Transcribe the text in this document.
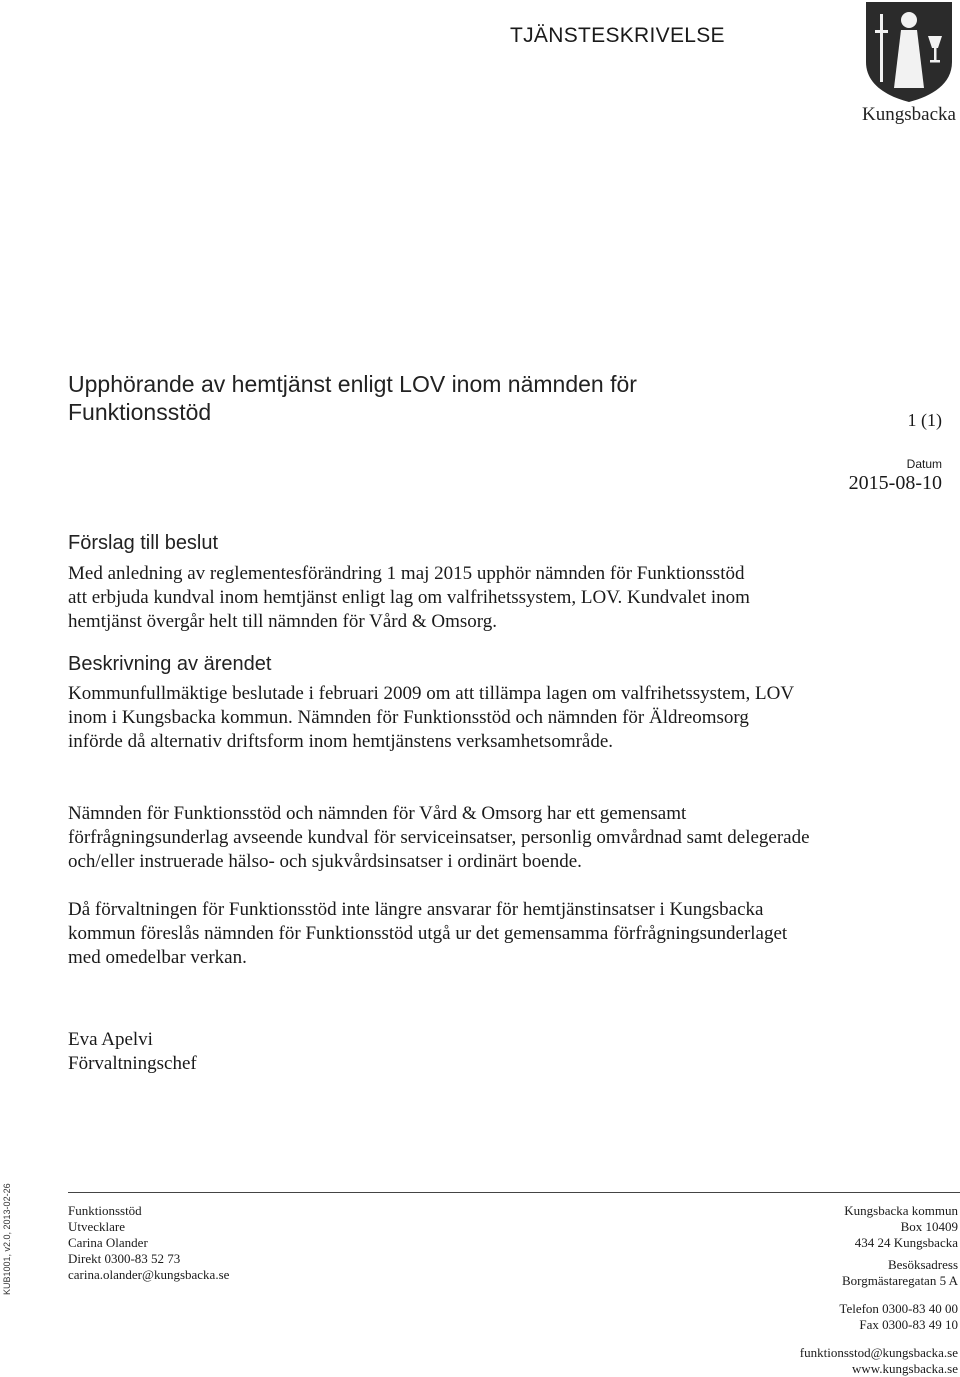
TJÄNSTESKRIVELSE
Kungsbacka
Upphörande av hemtjänst enligt LOV inom nämnden för
Funktionsstöd	1 (1)
Datum
2015-08-10
Förslag till beslut

Med anledning av reglementesförändring 1 maj 2015 upphör nämnden för Funktionsstöd att erbjuda kundval inom hemtjänst enligt lag om valfrihetssystem, LOV. Kundvalet inom hemtjänst övergår helt till nämnden för Vård & Omsorg.

Beskrivning av ärendet

Kommunfullmäktige beslutade i februari 2009 om att tillämpa lagen om valfrihetssystem, LOV inom i Kungsbacka kommun. Nämnden för Funktionsstöd och nämnden för Äldreomsorg införde då alternativ driftsform inom hemtjänstens verksamhetsområde.

Nämnden för Funktionsstöd och nämnden för Vård & Omsorg har ett gemensamt förfrågningsunderlag avseende kundval för serviceinsatser, personlig omvårdnad samt delegerade och/eller instruerade hälso- och sjukvårdsinsatser i ordinärt boende.

Då förvaltningen för Funktionsstöd inte längre ansvarar för hemtjänstinsatser i Kungsbacka kommun föreslås nämnden för Funktionsstöd utgå ur det gemensamma förfrågningsunderlaget med omedelbar verkan.

Eva Apelvi
Förvaltningschef
Funktionsstöd
Utvecklare
Carina Olander
Direkt 0300-83 52 73
carina.olander@kungsbacka.se
Kungsbacka kommun
Box 10409
434 24 Kungsbacka
Besöksadress
Borgmästaregatan 5 A
Telefon 0300-83 40 00
Fax 0300-83 49 10
funktionsstod@kungsbacka.se
www.kungsbacka.se
KUB1001, v2.0, 2013-02-26
